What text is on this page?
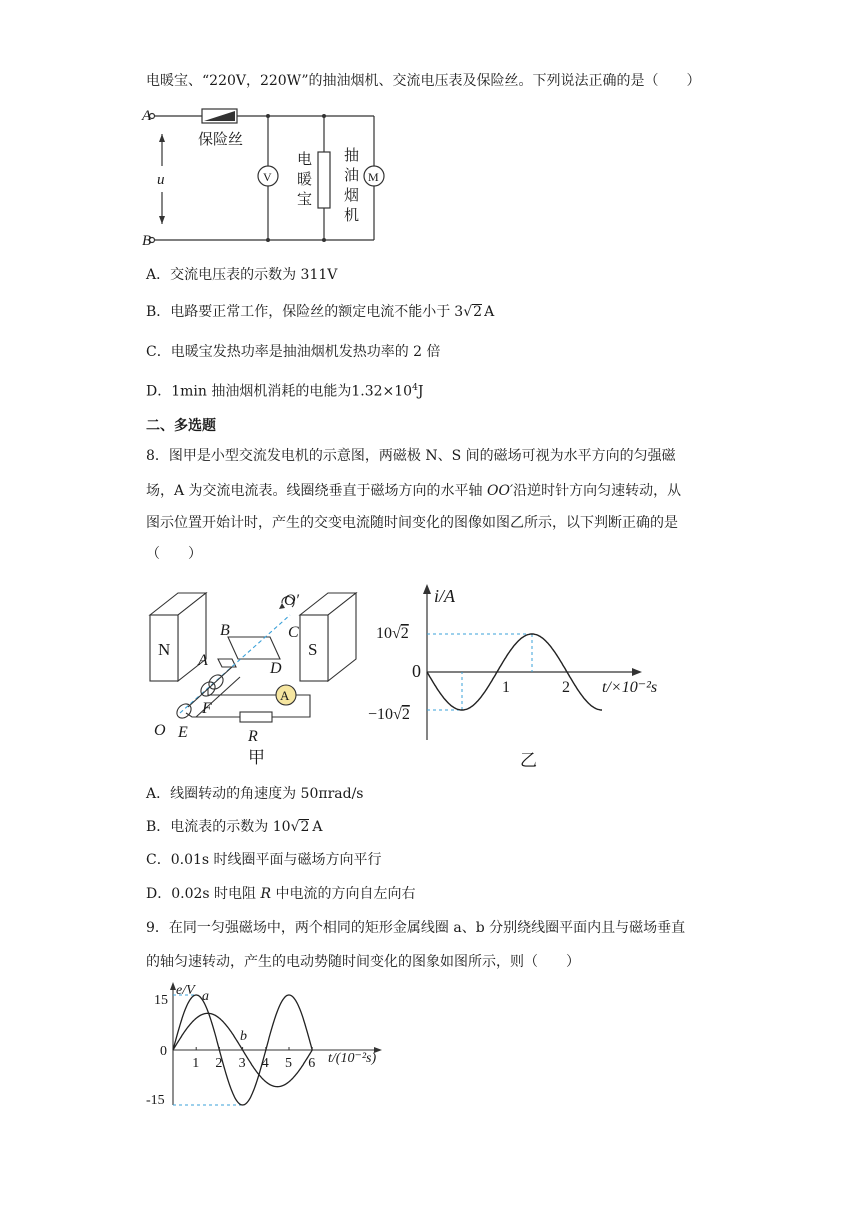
电暖宝、“220V，220W”的抽油烟机、交流电压表及保险丝。下列说法正确的是（　　）
A
B
u
保险丝
V	M
电
暖
宝
抽
油
烟
机
A．交流电压表的示数为 311V
B．电路要正常工作，保险丝的额定电流不能小于 3√2 A
C．电暖宝发热功率是抽油烟机发热功率的 2 倍
D．1min 抽油烟机消耗的电能为$1.32\times 10^4J$
二、多选题
8．图甲是小型交流发电机的示意图，两磁极 N、S 间的磁场可视为水平方向的匀强磁
场，A 为交流电流表。线圈绕垂直于磁场方向的水平轴 OO′沿逆时针方向匀速转动，从
图示位置开始计时，产生的交变电流随时间变化的图像如图乙所示，以下判断正确的是
（　　）
A
N	S
B	C
A	D
F
E
O
O′
R
甲
i/A
0
10√2
−10√2
1	2 t/×10⁻²s
乙
A．线圈转动的角速度为 50πrad/s
B．电流表的示数为 10√2 A
C．0.01s 时线圈平面与磁场方向平行
D．0.02s 时电阻 R 中电流的方向自左向右
9．在同一匀强磁场中，两个相同的矩形金属线圈 a、b 分别绕线圈平面内且与磁场垂直
的轴匀速转动，产生的电动势随时间变化的图象如图所示，则（　　）
e/V
15
0
-15
a
b
t/(10⁻²s)
1 2 3 4 5 6
